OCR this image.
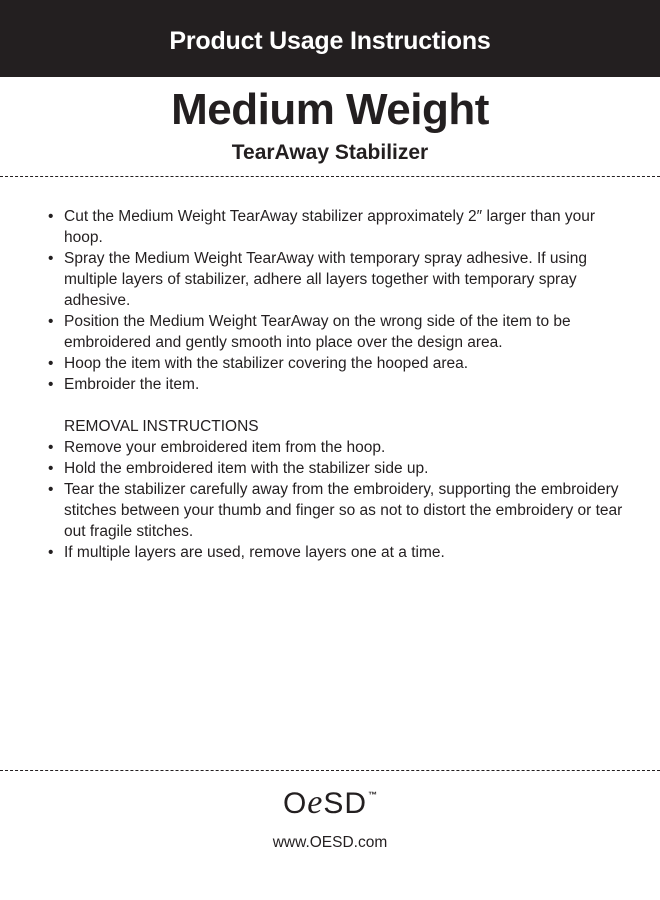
Product Usage Instructions
Medium Weight
TearAway Stabilizer
• Cut the Medium Weight TearAway stabilizer approximately 2″ larger than your hoop.
• Spray the Medium Weight TearAway with temporary spray adhesive. If using multiple layers of stabilizer, adhere all layers together with temporary spray adhesive.
• Position the Medium Weight TearAway on the wrong side of the item to be embroidered and gently smooth into place over the design area.
• Hoop the item with the stabilizer covering the hooped area.
• Embroider the item.
REMOVAL INSTRUCTIONS
• Remove your embroidered item from the hoop.
• Hold the embroidered item with the stabilizer side up.
• Tear the stabilizer carefully away from the embroidery, supporting the embroidery stitches between your thumb and finger so as not to distort the embroidery or tear out fragile stitches.
• If multiple layers are used, remove layers one at a time.
OeSD ™
www.OESD.com
